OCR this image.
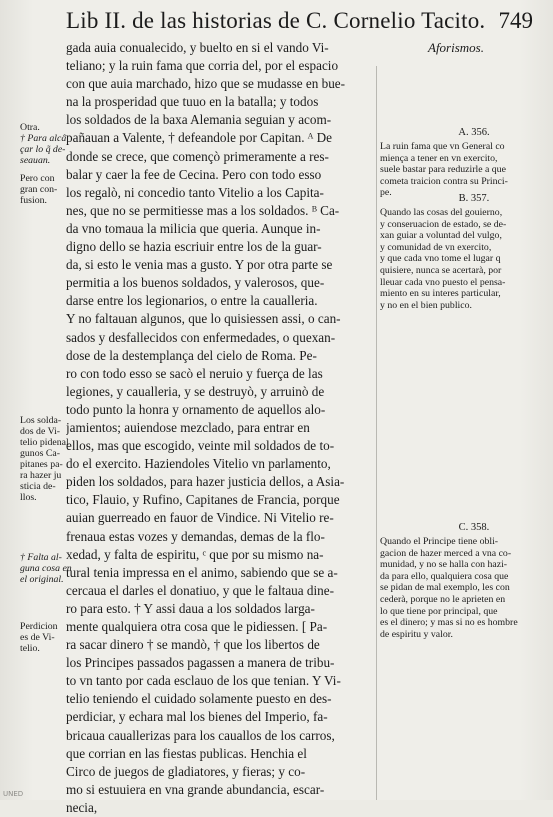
Lib II. de las historias de C. Cornelio Tacito. 749
Aforismos.
gada auia conualecido, y buelto en si el vando Vi-
teliano; y la ruin fama que corria del, por el espacio
con que auia marchado, hizo que se mudasse en bue-
na la prosperidad que tuuo en la batalla; y todos
los soldados de la baxa Alemania seguian y acom-
pañauan a Valente, † defeandole por Capitan. ᴬ De
donde se crece, que començò primeramente a res-
balar y caer la fee de Cecina. Pero con todo esso
los regalò, ni concedio tanto Vitelio a los Capita-
nes, que no se permitiesse mas a los soldados. ᴮ Ca-
da vno tomaua la milicia que queria. Aunque in-
digno dello se hazia escriuir entre los de la guar-
da, si esto le venia mas a gusto. Y por otra parte se
permitia a los buenos soldados, y valerosos, que-
darse entre los legionarios, o entre la caualleria.
Y no faltauan algunos, que lo quisiessen assi, o can-
sados y desfallecidos con enfermedades, o quexan-
dose de la destemplança del cielo de Roma. Pe-
ro con todo esso se sacò el neruio y fuerça de las
legiones, y caualleria, y se destruyò, y arruinò de
todo punto la honra y ornamento de aquellos alo-
jamientos; auiendose mezclado, para entrar en
ellos, mas que escogido, veinte mil soldados de to-
do el exercito. Haziendoles Vitelio vn parlamento,
piden los soldados, para hazer justicia dellos, a Asia-
tico, Flauio, y Rufino, Capitanes de Francia, porque
auian guerreado en fauor de Vindice. Ni Vitelio re-
frenaua estas vozes y demandas, demas de la flo-
xedad, y falta de espiritu, ᶜ que por su mismo na-
tural tenia impressa en el animo, sabiendo que se a-
cercaua el darles el donatiuo, y que le faltaua dine-
ro para esto. † Y assi daua a los soldados larga-
mente qualquiera otra cosa que le pidiessen. [ Pa-
ra sacar dinero † se mandò, † que los libertos de
los Principes passados pagassen a manera de tribu-
to vn tanto por cada esclauo de los que tenian. Y Vi-
telio teniendo el cuidado solamente puesto en des-
perdiciar, y echara mal los bienes del Imperio, fa-
bricaua cauallerizas para los cauallos de los carros,
que corrian en las fiestas publicas. Henchia el
Circo de juegos de gladiatores, y fieras; y co-
mo si estuuiera en vna grande abundancia, escar-
necia,
Otra.
† Para alcâ
çar lo q̃ de-
seauan.
Pero con
gran con-
fusion.
Los solda-
dos de Vi-
telio pidenal
gunos Ca-
pitanes pa-
ra hazer ju
sticia de-
llos.
† Falta al-
guna cosa en
el original.
Perdicion
es de Vi-
telio.
A. 356.
La ruin fama que vn General co
miença a tener en vn exercito,
suele bastar para reduzirle a que
cometa traicion contra su Princi-
pe.
B. 357.
Quando las cosas del gouierno,
y conseruacion de estado, se de-
xan guiar a voluntad del vulgo,
y comunidad de vn exercito,
y que cada vno tome el lugar q
quisiere, nunca se acertarà, por
lleuar cada vno puesto el pensa-
miento en su interes particular,
y no en el bien publico.
C. 358.
Quando el Principe tiene obli-
gacion de hazer merced a vna co-
munidad, y no se halla con hazi-
da para ello, qualquiera cosa que
se pidan de mal exemplo, les con
cederà, porque no le aprieten en
lo que tiene por principal, que
es el dinero; y mas si no es hombre
de espiritu y valor.
UNED
